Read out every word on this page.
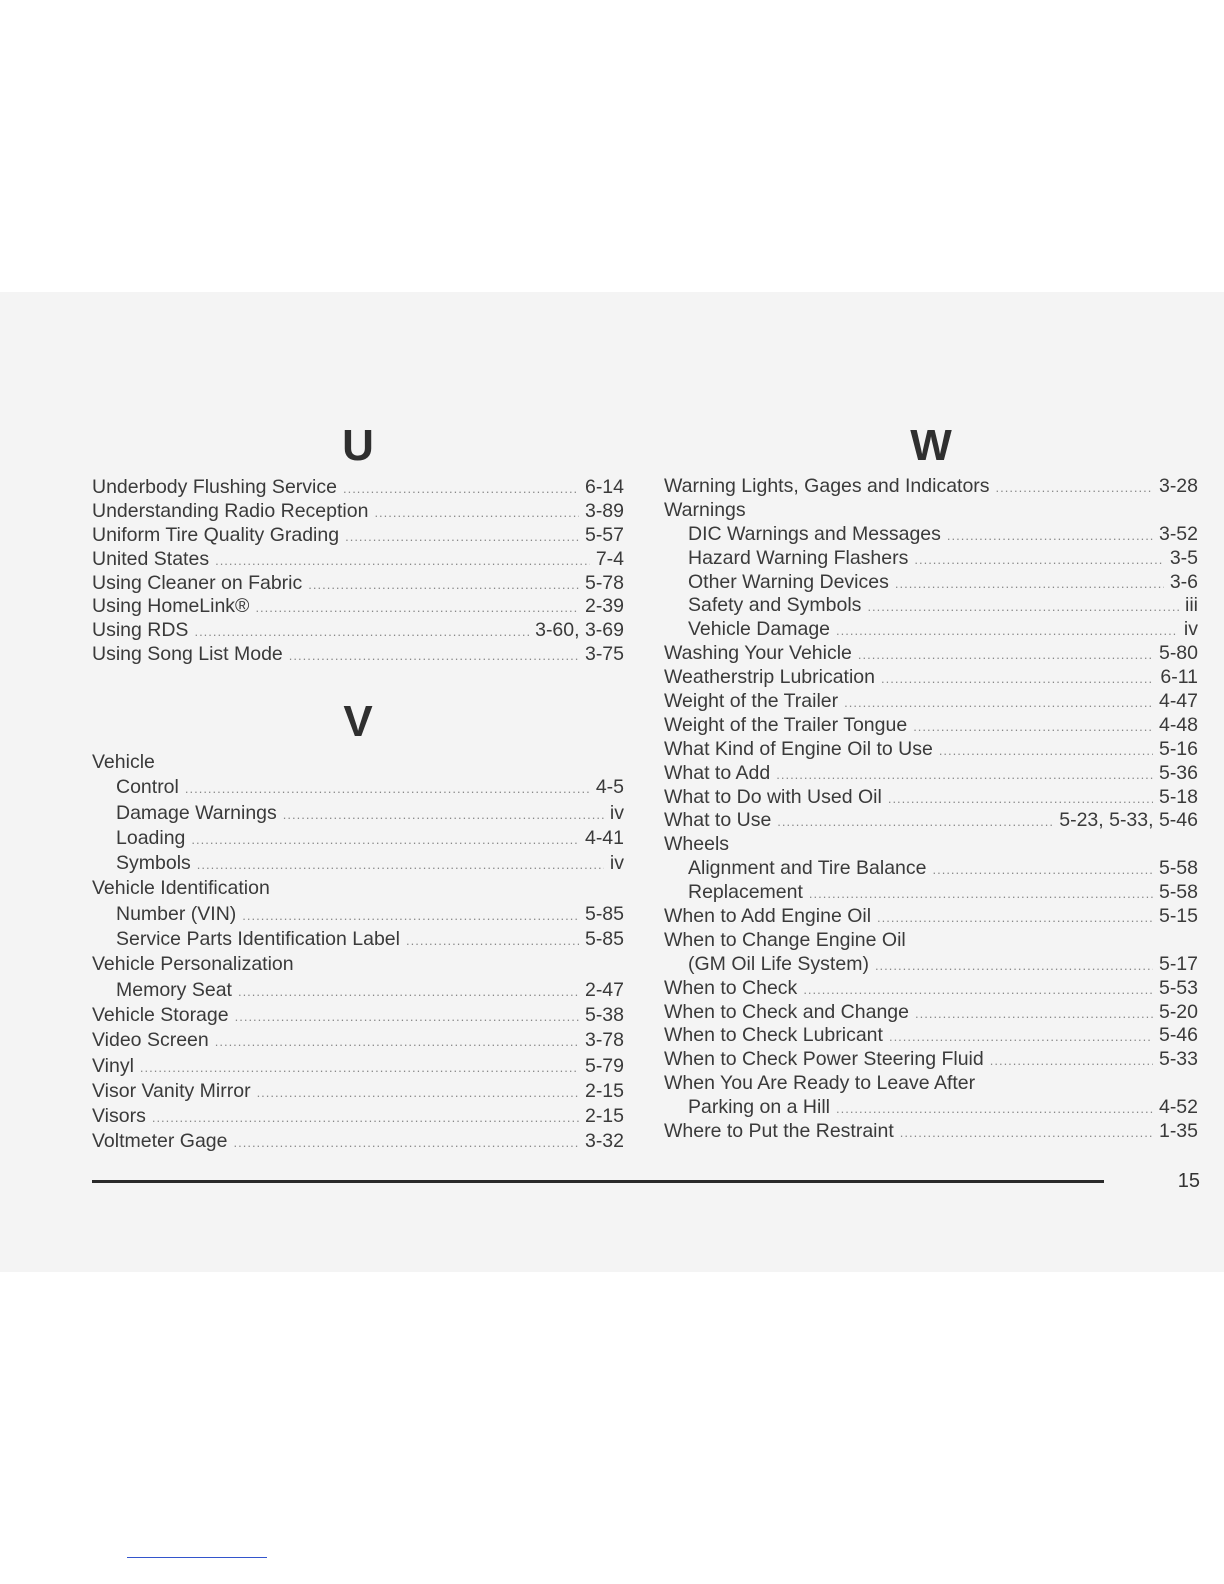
U
Underbody Flushing Service .....	6-14
Understanding Radio Reception .....	3-89
Uniform Tire Quality Grading .....	5-57
United States .....	7-4
Using Cleaner on Fabric .....	5-78
Using HomeLink® .....	2-39
Using RDS .....	3-60, 3-69
Using Song List Mode .....	3-75
V
Vehicle
Control .....	4-5
Damage Warnings .....	iv
Loading .....	4-41
Symbols .....	iv
Vehicle Identification
Number (VIN) .....	5-85
Service Parts Identification Label .....	5-85
Vehicle Personalization
Memory Seat .....	2-47
Vehicle Storage .....	5-38
Video Screen .....	3-78
Vinyl .....	5-79
Visor Vanity Mirror .....	2-15
Visors .....	2-15
Voltmeter Gage .....	3-32
W
Warning Lights, Gages and Indicators .....	3-28
Warnings
DIC Warnings and Messages .....	3-52
Hazard Warning Flashers .....	3-5
Other Warning Devices .....	3-6
Safety and Symbols .....	iii
Vehicle Damage .....	iv
Washing Your Vehicle .....	5-80
Weatherstrip Lubrication .....	6-11
Weight of the Trailer .....	4-47
Weight of the Trailer Tongue .....	4-48
What Kind of Engine Oil to Use .....	5-16
What to Add .....	5-36
What to Do with Used Oil .....	5-18
What to Use .....	5-23, 5-33, 5-46
Wheels
Alignment and Tire Balance .....	5-58
Replacement .....	5-58
When to Add Engine Oil .....	5-15
When to Change Engine Oil
(GM Oil Life System) .....	5-17
When to Check .....	5-53
When to Check and Change .....	5-20
When to Check Lubricant .....	5-46
When to Check Power Steering Fluid .....	5-33
When You Are Ready to Leave After
Parking on a Hill .....	4-52
Where to Put the Restraint .....	1-35
15
